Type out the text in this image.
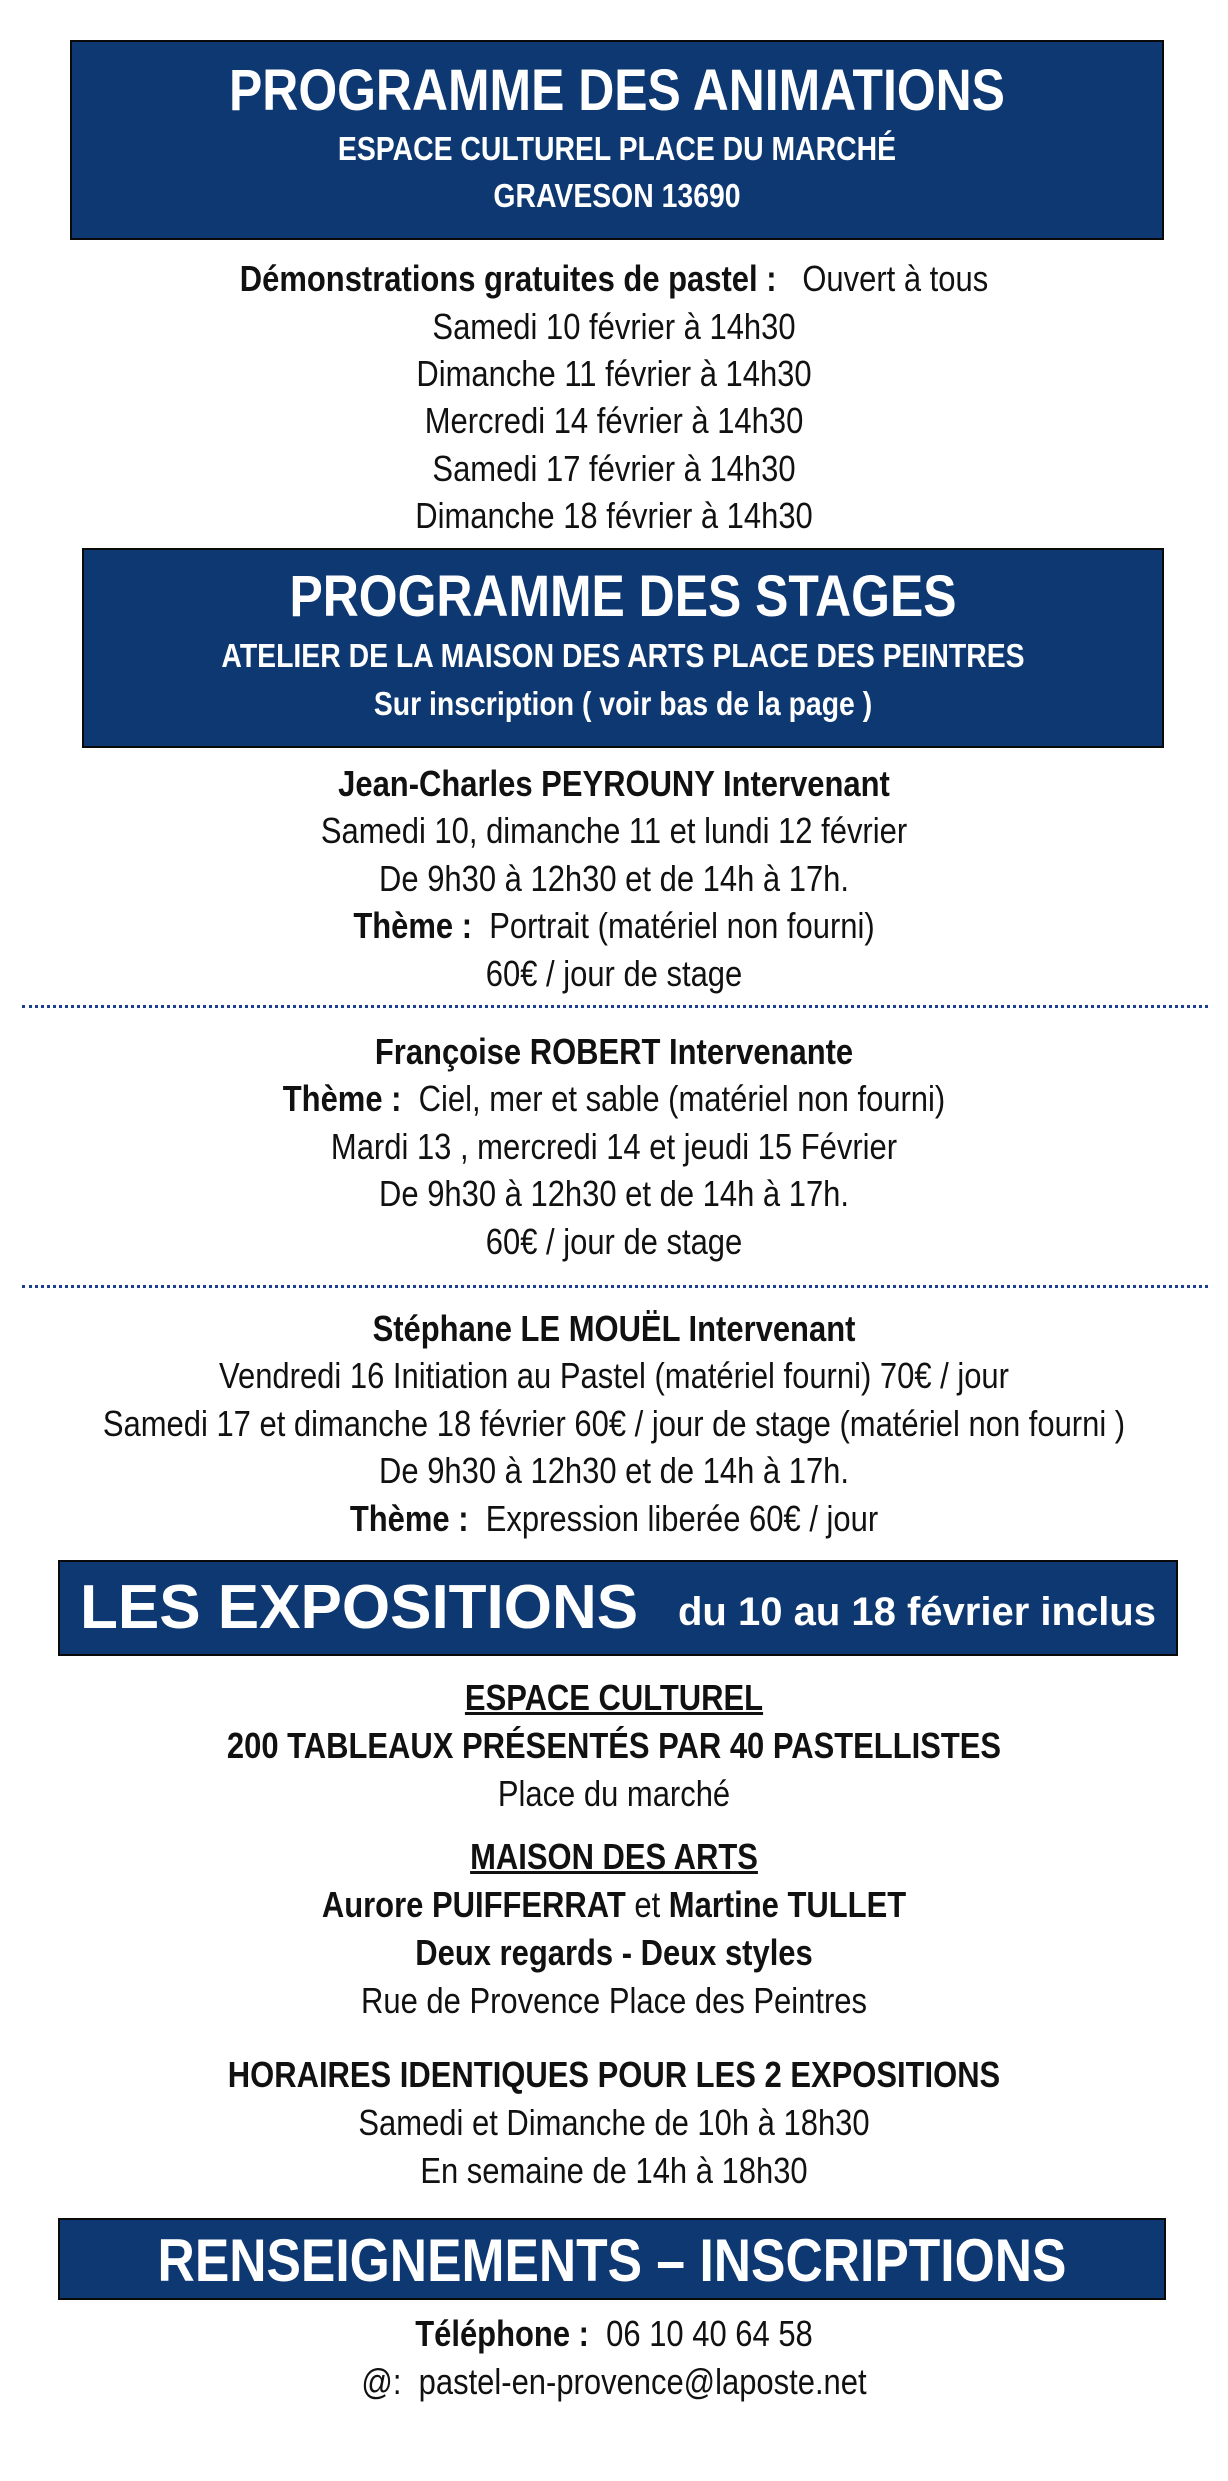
PROGRAMME DES ANIMATIONS
ESPACE CULTUREL PLACE DU MARCHÉ
GRAVESON 13690
Démonstrations gratuites de pastel : Ouvert à tous
Samedi 10 février à 14h30
Dimanche 11 février à 14h30
Mercredi 14 février à 14h30
Samedi 17 février à 14h30
Dimanche 18 février à 14h30
PROGRAMME DES STAGES
ATELIER DE LA MAISON DES ARTS PLACE DES PEINTRES
Sur inscription ( voir bas de la page )
Jean-Charles PEYROUNY Intervenant
Samedi 10, dimanche 11 et lundi 12 février
De 9h30 à 12h30 et de 14h à 17h.
Thème : Portrait (matériel non fourni)
60€ / jour de stage
Françoise ROBERT Intervenante
Thème : Ciel, mer et sable (matériel non fourni)
Mardi 13 , mercredi 14 et jeudi 15 Février
De 9h30 à 12h30 et de 14h à 17h.
60€ / jour de stage
Stéphane LE MOUËL Intervenant
Vendredi 16 Initiation au Pastel (matériel fourni) 70€ / jour
Samedi 17 et dimanche 18 février 60€ / jour de stage (matériel non fourni )
De 9h30 à 12h30 et de 14h à 17h.
Thème : Expression liberée 60€ / jour
LES EXPOSITIONS du 10 au 18 février inclus
ESPACE CULTUREL
200 TABLEAUX PRÉSENTÉS PAR 40 PASTELLISTES
Place du marché
MAISON DES ARTS
Aurore PUIFFERRAT et Martine TULLET
Deux regards - Deux styles
Rue de Provence Place des Peintres
HORAIRES IDENTIQUES POUR LES 2 EXPOSITIONS
Samedi et Dimanche de 10h à 18h30
En semaine de 14h à 18h30
RENSEIGNEMENTS – INSCRIPTIONS
Téléphone : 06 10 40 64 58
@: pastel-en-provence@laposte.net
